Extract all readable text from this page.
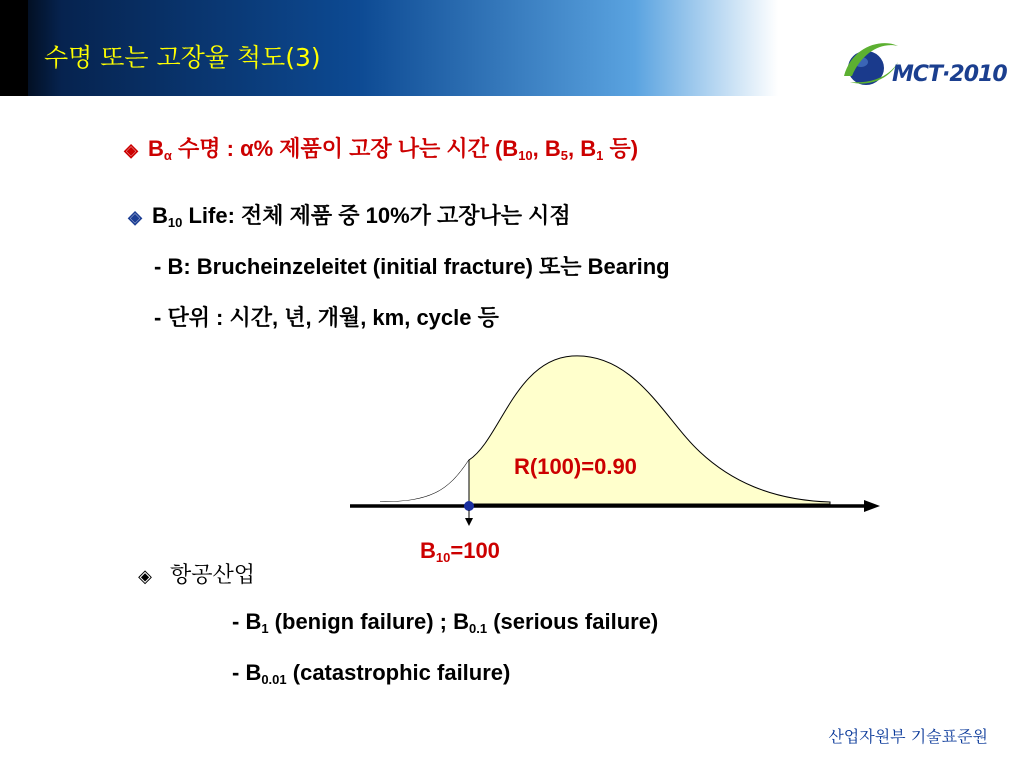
수명 또는 고장율 척도(3)
MCT·2010
◈ $B_\alpha$ 수명 : α% 제품이 고장 나는 시간 ($B_{10}$, $B_5$, $B_1$ 등)
◈ $B_{10}$ Life: 전체 제품 중 10%가 고장나는 시점
- B: Brucheinzeleitet (initial fracture) 또는 Bearing
- 단위 : 시간, 년, 개월, km, cycle 등
R(100)=0.90
$B_{10}=100$
◈ 항공산업
- $B_1$ (benign failure) ; $B_{0.1}$ (serious failure)
- $B_{0.01}$ (catastrophic failure)
산업자원부 기술표준원
